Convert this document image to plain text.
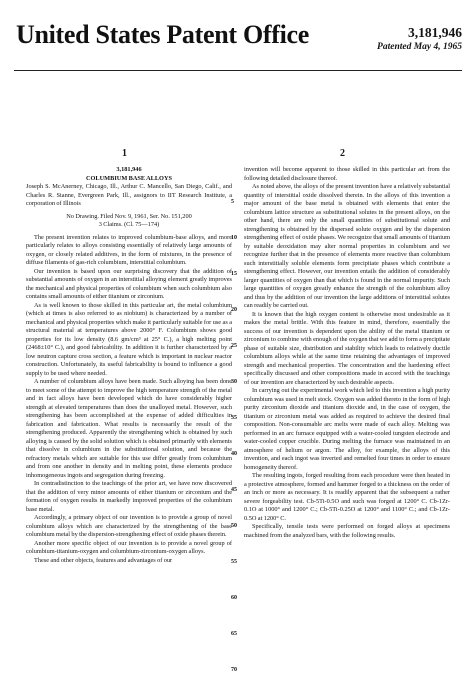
United States Patent Office	3,181,946
Patented May 4, 1965
1	2

3,181,946

COLUMBIUM BASE ALLOYS

Joseph S. McAnerney, Chicago, Ill., Arthur C. Mancello, San Diego, Calif., and Charles R. Stanne, Evergreen Park, Ill., assignors to IIT Research Institute, a corporation of Illinois

No Drawing. Filed Nov. 9, 1961, Ser. No. 151,200

3 Claims. (Cl. 75—174)

The present invention relates to improved columbium-base alloys, and more particularly relates to alloys consisting essentially of relatively large amounts of oxygen, or closely related additives, in the form of mixtures, in the presence of diffuse filaments of gas-rich columbium, interstitial columbium.

Our invention is based upon our surprising discovery that the addition of substantial amounts of oxygen in an interstitial alloying element greatly improves the mechanical and physical properties of columbium when such columbium also contains small amounts of either titanium or zirconium.

As is well known to those skilled in this particular art, the metal columbium (which at times is also referred to as niobium) is characterized by a number of mechanical and physical properties which make it particularly suitable for use as a structural material at temperatures above 2000° F. Columbium shows good properties for its low density (8.6 gm/cm³ at 25° C.), a high melting point (2468±10° C.), and good fabricability. In addition it is further characterized by a low neutron capture cross section, a feature which is important in nuclear reactor construction. Unfortunately, its useful fabricability is bound to influence a good supply to be used where needed.

A number of columbium alloys have been made. Such alloying has been done to meet some of the attempt to improve the high temperature strength of the metal and in fact alloys have been developed which do have considerably higher strength at elevated temperatures than does the unalloyed metal. However, such strengthening has been accomplished at the expense of added difficulties in fabrication and fabrication. What results is necessarily the result of the strengthening produced. Apparently the strengthening which is obtained by such alloying is caused by the solid solution which is obtained primarily with elements that dissolve in columbium in the substitutional solution, and because the refractory metals which are suitable for this use differ greatly from columbium and from one another in density and in melting point, these elements produce inhomogeneous ingots and segregation during freezing.

In contradistinction to the teachings of the prior art, we have now discovered that the addition of very minor amounts of either titanium or zirconium and the formation of oxygen results in markedly improved properties of the columbium base metal.

Accordingly, a primary object of our invention is to provide a group of novel columbium alloys which are characterized by the strengthening of the base columbium metal by the dispersion-strengthening effect of oxide phases therein.

Another more specific object of our invention is to provide a novel group of columbium-titanium-oxygen and columbium-zirconium-oxygen alloys.

These and other objects, features and advantages of our

5
10
15
20
25
30
35
40
45
50
55
60
65
70

invention will become apparent to those skilled in this particular art from the following detailed disclosure thereof.

As noted above, the alloys of the present invention have a relatively substantial quantity of interstitial oxide dissolved therein. In the alloys of this invention a major amount of the base metal is obtained with elements that enter the columbium lattice structure as substitutional solutes in the present alloys, on the other hand, there are only the small quantities of substitutional solute and strengthening is obtained by the dispersed solute oxygen and by the dispersion strengthening effect of oxide phases. We recognize that small amounts of titanium by suitable deoxidation may alter normal properties in columbium and we recognize further that in the presence of elements more reactive than columbium such interstitially soluble elements form precipitate phases which contribute a strengthening effect. However, our invention entails the addition of considerably larger quantities of oxygen than that which is found in the normal impurity. Such large quantities of oxygen greatly enhance the strength of the columbium alloy and thus by the addition of our invention the large additions of interstitial solutes can readily be carried out.

It is known that the high oxygen content is otherwise most undesirable as it makes the metal brittle. With this feature in mind, therefore, essentially the success of our invention is dependent upon the ability of the metal titanium or zirconium to combine with enough of the oxygen that we add to form a precipitate phase of suitable size, distribution and stability which leads to relatively ductile columbium alloys while at the same time retaining the advantages of improved strength and mechanical properties. The concentration and the hardening effect specifically discussed and other compositions made in accord with the teachings of our invention are characterized by such desirable aspects.

In carrying out the experimental work which led to this invention a high purity columbium was used in melt stock. Oxygen was added thereto in the form of high purity zirconium dioxide and titanium dioxide and, in the case of oxygen, the titanium or zirconium metal was added as required to achieve the desired final composition. Non-consumable arc melts were made of each alloy. Melting was performed in an arc furnace equipped with a water-cooled tungsten electrode and water-cooled copper crucible. During melting the furnace was maintained in an atmosphere of helium or argon. The alloy, for example, the alloys of this invention, and each ingot was inverted and remelted four times in order to ensure homogeneity thereof.

The resulting ingots, forged resulting from each procedure were then heated in a protective atmosphere, formed and hammer forged to a thickness on the order of an inch or more as necessary. It is readily apparent that the subsequent a rather severe forgeability test. Cb-5Ti-0.5O and such was forged at 1200° C. Cb-1Zr-0.1O at 1000° and 1200° C.; Cb-5Ti-0.25O at 1200° and 1100° C.; and Cb-1Zr-0.5O at 1200° C.

Specifically, tensile tests were performed on forged alloys at specimens machined from the analyzed bars, with the following results.
